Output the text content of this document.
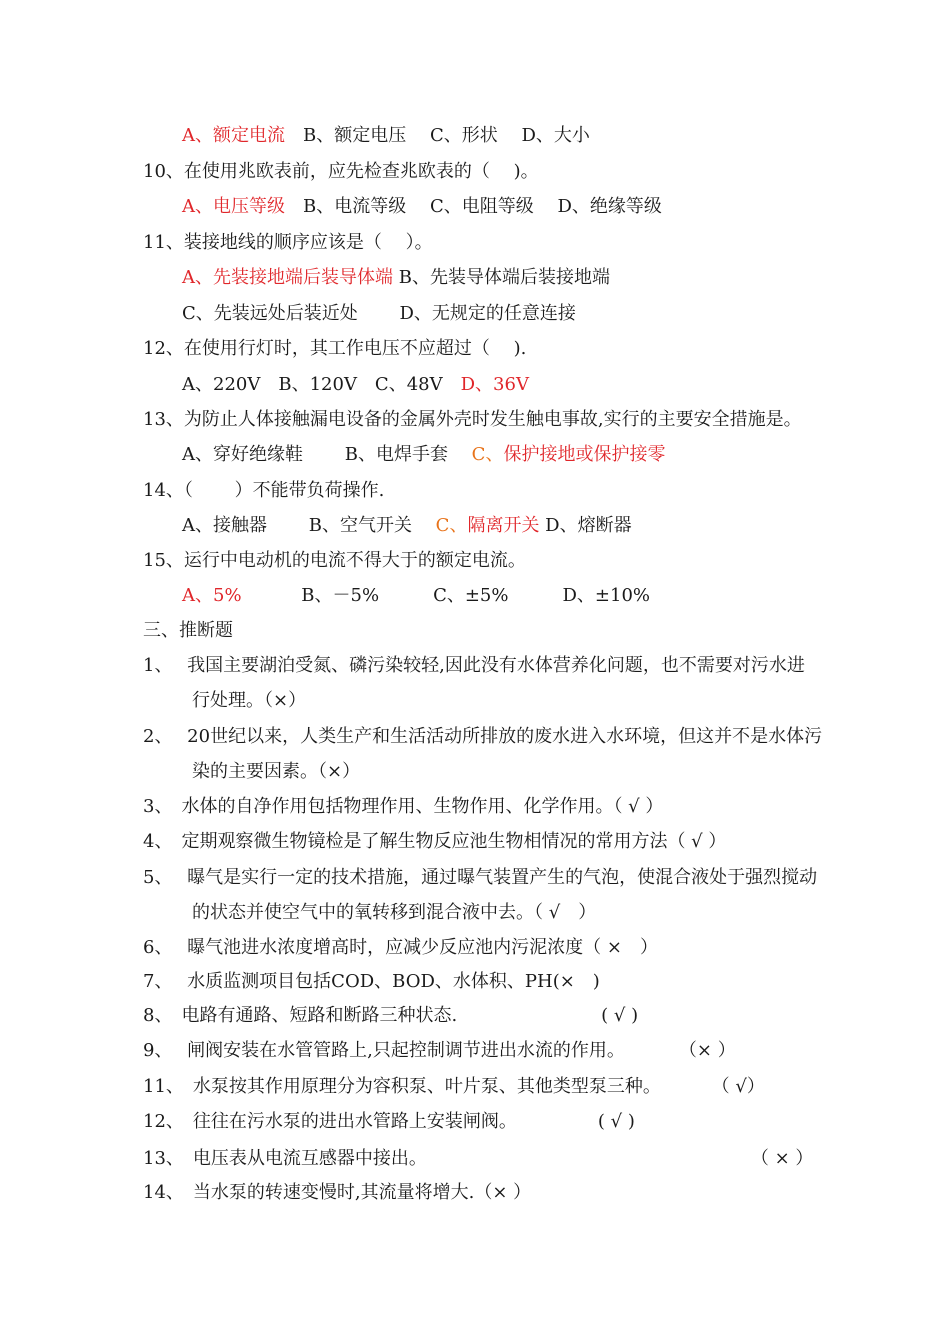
A、额定电流　B、额定电压　 C、形状　 D、大小
10、在使用兆欧表前，应先检查兆欧表的（　 )。
A、电压等级　B、电流等级　 C、电阻等级　 D、绝缘等级
11、装接地线的顺序应该是（　 ）。
A、先装接地端后装导体端 B、先装导体端后装接地端
C、先装远处后装近处　　 D、无规定的任意连接
12、在使用行灯时，其工作电压不应超过（　 ).
A、220V　B、120V　C、48V　D、36V
13、为防止人体接触漏电设备的金属外壳时发生触电事故,实行的主要安全措施是。
A、穿好绝缘鞋　　 B、电焊手套　 C、保护接地或保护接零
14、（　　 ）不能带负荷操作.
A、接触器　　 B、空气开关　 C、隔离开关 D、熔断器
15、运行中电动机的电流不得大于的额定电流。
A、5%　　　 B、－5%　　　C、±5%　　　D、±10%
三、推断题
1、　 我国主要湖泊受氮、磷污染较轻,因此没有水体营养化问题，也不需要对污水进
行处理。（×）
2、　 20世纪以来，人类生产和生活活动所排放的废水进入水环境，但这并不是水体污
染的主要因素。（×）
3、　水体的自净作用包括物理作用、生物作用、化学作用。（ √ ）
4、　定期观察微生物镜检是了解生物反应池生物相情况的常用方法（ √ ）
5、　 曝气是实行一定的技术措施，通过曝气装置产生的气泡，使混合液处于强烈搅动
的状态并使空气中的氧转移到混合液中去。（ √　）
6、　 曝气池进水浓度增高时，应减少反应池内污泥浓度（ ×　）
7、　 水质监测项目包括COD、BOD、水体积、PH(×　)
8、　电路有通路、短路和断路三种状态.　　　　　　　　( √ )
9、　 闸阀安装在水管管路上,只起控制调节进出水流的作用。　　　　（× ）
11、　水泵按其作用原理分为容积泵、叶片泵、其他类型泵三种。　　　 （ √）
12、　往往在污水泵的进出水管路上安装闸阀。　　　　　( √ )
13、　电压表从电流互感器中接出。　　　　　　　　　　　　　　　　　　　（ × ）
14、　当水泵的转速变慢时,其流量将增大.（× ）
